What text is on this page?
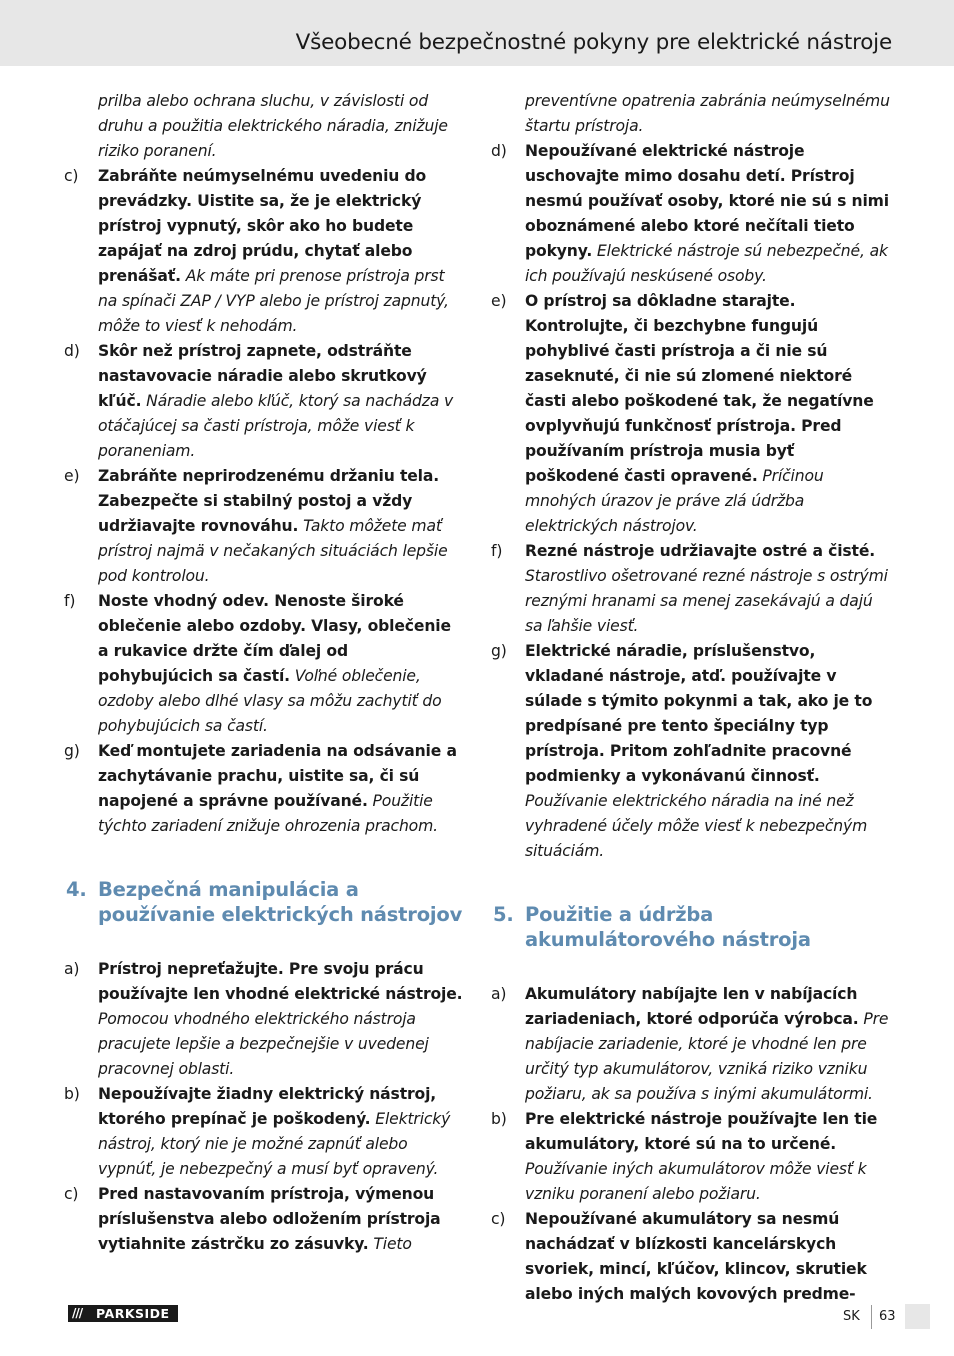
Všeobecné bezpečnostné pokyny pre elektrické nástroje
prilba alebo ochrana sluchu, v závislosti od druhu a použitia elektrického náradia, znižuje riziko poranení.
c) Zabráňte neúmyselnému uvedeniu do prevádzky. Uistite sa, že je elektrický prístroj vypnutý, skôr ako ho budete zapájať na zdroj prúdu, chytať alebo prenášať. Ak máte pri prenose prístroja prst na spínači ZAP / VYP alebo je prístroj zapnutý, môže to viesť k nehodám.
d) Skôr než prístroj zapnete, odstráňte nastavovacie náradie alebo skrutkový kľúč. Náradie alebo kľúč, ktorý sa nachádza v otáčajúcej sa časti prístroja, môže viesť k poraneniam.
e) Zabráňte neprirodzenému držaniu tela. Zabezpečte si stabilný postoj a vždy udržiavajte rovnováhu. Takto môžete mať prístroj najmä v nečakaných situáciách lepšie pod kontrolou.
f) Noste vhodný odev. Nenoste široké oblečenie alebo ozdoby. Vlasy, oblečenie a rukavice držte čím ďalej od pohybujúcich sa častí. Voľné oblečenie, ozdoby alebo dlhé vlasy sa môžu zachytiť do pohybujúcich sa častí.
g) Keď montujete zariadenia na odsávanie a zachytávanie prachu, uistite sa, či sú napojené a správne používané. Použitie týchto zariadení znižuje ohrozenia prachom.
4. Bezpečná manipulácia a používanie elektrických nástrojov
a) Prístroj nepreťažujte. Pre svoju prácu používajte len vhodné elektrické nástroje. Pomocou vhodného elektrického nástroja pracujete lepšie a bezpečnejšie v uvedenej pracovnej oblasti.
b) Nepoužívajte žiadny elektrický nástroj, ktorého prepínač je poškodený. Elektrický nástroj, ktorý nie je možné zapnúť alebo vypnúť, je nebezpečný a musí byť opravený.
c) Pred nastavovaním prístroja, výmenou príslušenstva alebo odložením prístroja vytiahnite zástrčku zo zásuvky. Tieto
preventívne opatrenia zabránia neúmyselnému štartu prístroja.
d) Nepoužívané elektrické nástroje uschovajte mimo dosahu detí. Prístroj nesmú používať osoby, ktoré nie sú s nimi oboznámené alebo ktoré nečítali tieto pokyny. Elektrické nástroje sú nebezpečné, ak ich používajú neskúsené osoby.
e) O prístroj sa dôkladne starajte. Kontrolujte, či bezchybne fungujú pohyblivé časti prístroja a či nie sú zaseknuté, či nie sú zlomené niektoré časti alebo poškodené tak, že negatívne ovplyvňujú funkčnosť prístroja. Pred používaním prístroja musia byť poškodené časti opravené. Príčinou mnohých úrazov je práve zlá údržba elektrických nástrojov.
f) Rezné nástroje udržiavajte ostré a čisté. Starostlivo ošetrované rezné nástroje s ostrými reznými hranami sa menej zasekávajú a dajú sa ľahšie viesť.
g) Elektrické náradie, príslušenstvo, vkladané nástroje, atď. používajte v súlade s týmito pokynmi a tak, ako je to predpísané pre tento špeciálny typ prístroja. Pritom zohľadnite pracovné podmienky a vykonávanú činnosť. Používanie elektrického náradia na iné než vyhradené účely môže viesť k nebezpečným situáciám.
5. Použitie a údržba akumulátorového nástroja
a) Akumulátory nabíjajte len v nabíjacích zariadeniach, ktoré odporúča výrobca. Pre nabíjacie zariadenie, ktoré je vhodné len pre určitý typ akumulátorov, vzniká riziko vzniku požiaru, ak sa používa s inými akumulátormi.
b) Pre elektrické nástroje používajte len tie akumulátory, ktoré sú na to určené. Používanie iných akumulátorov môže viesť k vzniku poranení alebo požiaru.
c) Nepoužívané akumulátory sa nesmú nachádzať v blízkosti kancelárskych svoriek, mincí, kľúčov, klincov, skrutiek alebo iných malých kovových predme-
/// PARKSIDE	SK 63
